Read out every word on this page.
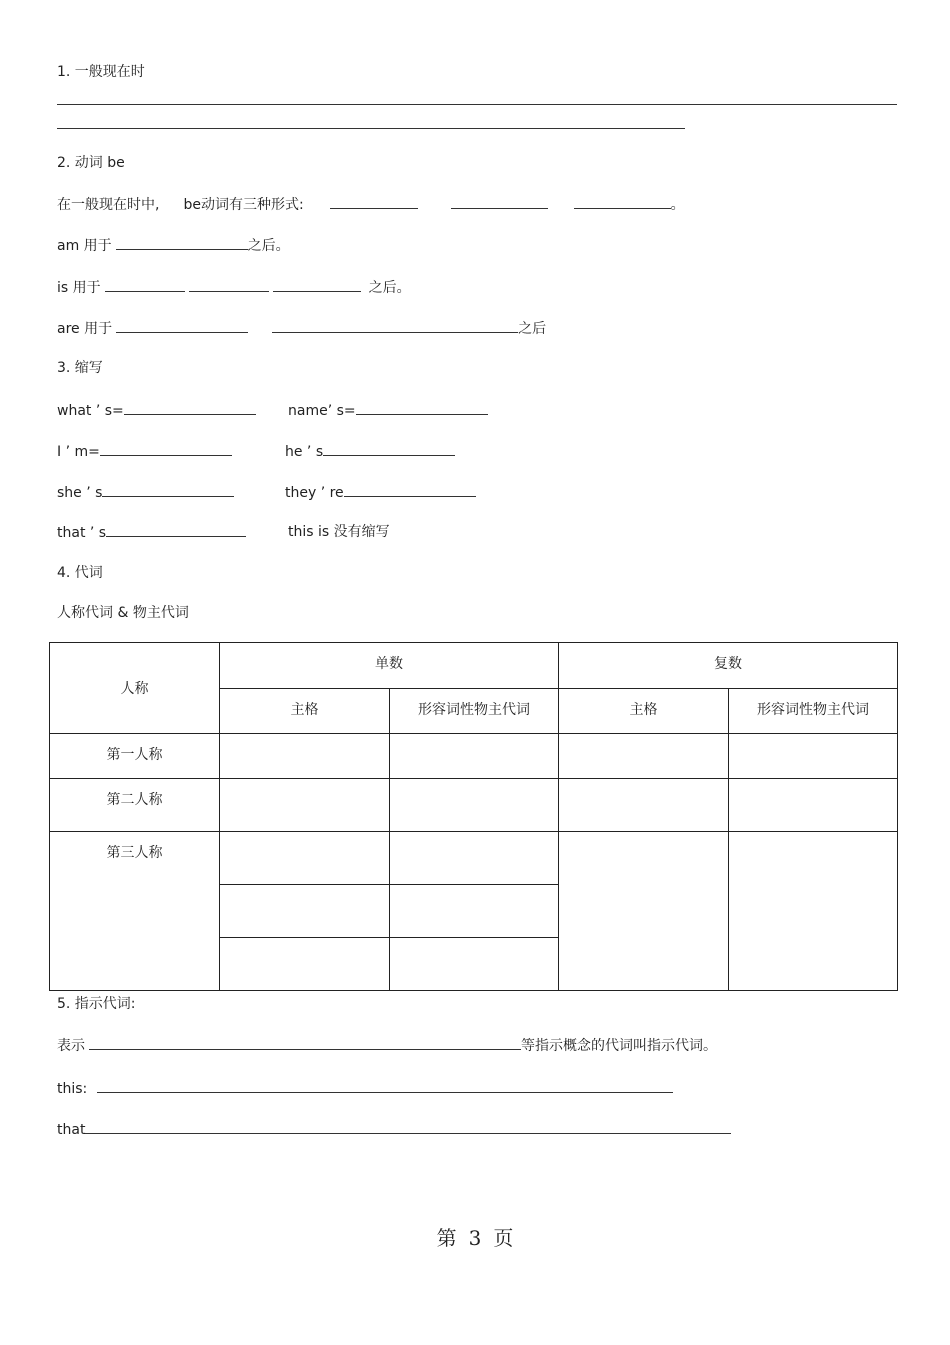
1. 一般现在时
2. 动词 be
在一般现在时中, be动词有三种形式:	。
am 用于	之后。
is 用于	之后。
are 用于	之后
3. 缩写
what ’ s=	name’ s=
I ’ m=	he ’ s
she ’ s	they ’ re
that ’ s	this is 没有缩写
4. 代词
人称代词 & 物主代词
人称	单数		复数	
	主格	形容词性物主代词	主格	形容词性物主代词
第一人称				
第二人称				
第三人称				

5. 指示代词:
表示	等指示概念的代词叫指示代词。
this:
that
第 3 页
